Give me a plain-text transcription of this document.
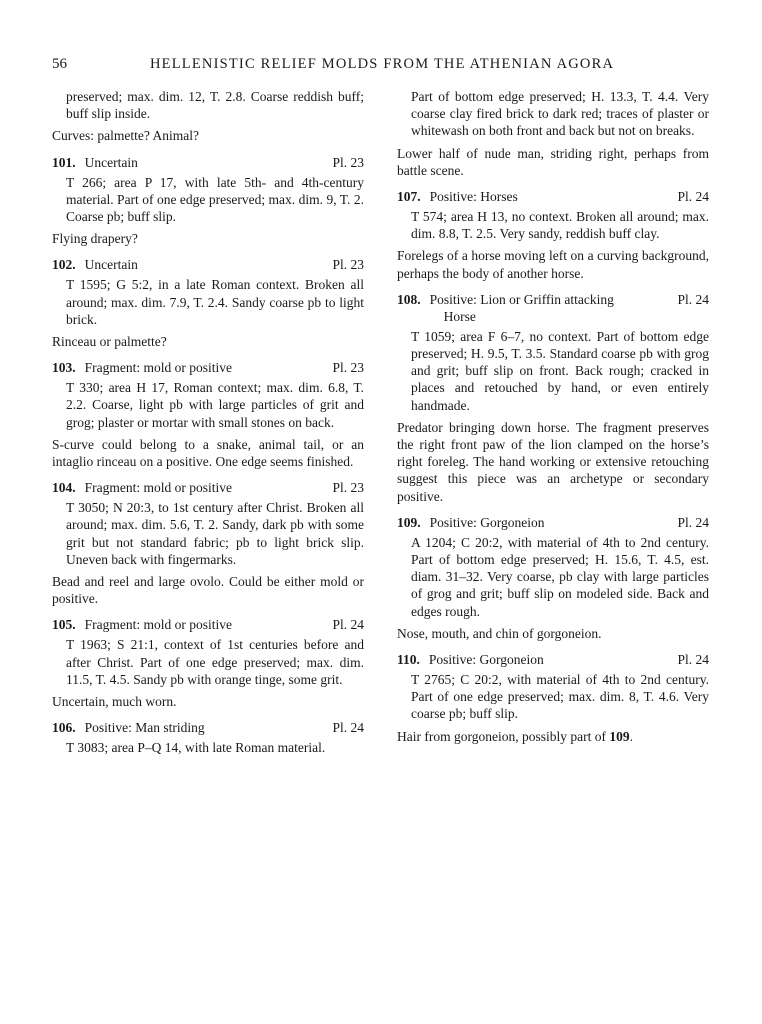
56	HELLENISTIC RELIEF MOLDS FROM THE ATHENIAN AGORA

preserved; max. dim. 12, T. 2.8. Coarse reddish buff; buff slip inside.

Curves: palmette? Animal?

101. Uncertain	Pl. 23

T 266; area P 17, with late 5th- and 4th-century material. Part of one edge preserved; max. dim. 9, T. 2. Coarse pb; buff slip.

Flying drapery?

102. Uncertain	Pl. 23

T 1595; G 5:2, in a late Roman context. Broken all around; max. dim. 7.9, T. 2.4. Sandy coarse pb to light brick.

Rinceau or palmette?

103. Fragment: mold or positive	Pl. 23

T 330; area H 17, Roman context; max. dim. 6.8, T. 2.2. Coarse, light pb with large particles of grit and grog; plaster or mortar with small stones on back.

S-curve could belong to a snake, animal tail, or an intaglio rinceau on a positive. One edge seems finished.

104. Fragment: mold or positive	Pl. 23

T 3050; N 20:3, to 1st century after Christ. Broken all around; max. dim. 5.6, T. 2. Sandy, dark pb with some grit but not standard fabric; pb to light brick slip. Uneven back with fingermarks.

Bead and reel and large ovolo. Could be either mold or positive.

105. Fragment: mold or positive	Pl. 24

T 1963; S 21:1, context of 1st centuries before and after Christ. Part of one edge preserved; max. dim. 11.5, T. 4.5. Sandy pb with orange tinge, some grit.

Uncertain, much worn.

106. Positive: Man striding	Pl. 24

T 3083; area P–Q 14, with late Roman material.

Part of bottom edge preserved; H. 13.3, T. 4.4. Very coarse clay fired brick to dark red; traces of plaster or whitewash on both front and back but not on breaks.

Lower half of nude man, striding right, perhaps from battle scene.

107. Positive: Horses	Pl. 24

T 574; area H 13, no context. Broken all around; max. dim. 8.8, T. 2.5. Very sandy, reddish buff clay.

Forelegs of a horse moving left on a curving background, perhaps the body of another horse.

108. Positive: Lion or Griffin attacking
Horse
Pl. 24

T 1059; area F 6–7, no context. Part of bottom edge preserved; H. 9.5, T. 3.5. Standard coarse pb with grog and grit; buff slip on front. Back rough; cracked in places and retouched by hand, or even entirely handmade.

Predator bringing down horse. The fragment preserves the right front paw of the lion clamped on the horse’s right foreleg. The hand working or extensive retouching suggest this piece was an archetype or secondary positive.

109. Positive: Gorgoneion	Pl. 24

A 1204; C 20:2, with material of 4th to 2nd century. Part of bottom edge preserved; H. 15.6, T. 4.5, est. diam. 31–32. Very coarse, pb clay with large particles of grog and grit; buff slip on modeled side. Back and edges rough.

Nose, mouth, and chin of gorgoneion.

110. Positive: Gorgoneion	Pl. 24

T 2765; C 20:2, with material of 4th to 2nd century. Part of one edge preserved; max. dim. 8, T. 4.6. Very coarse pb; buff slip.

Hair from gorgoneion, possibly part of 109.
